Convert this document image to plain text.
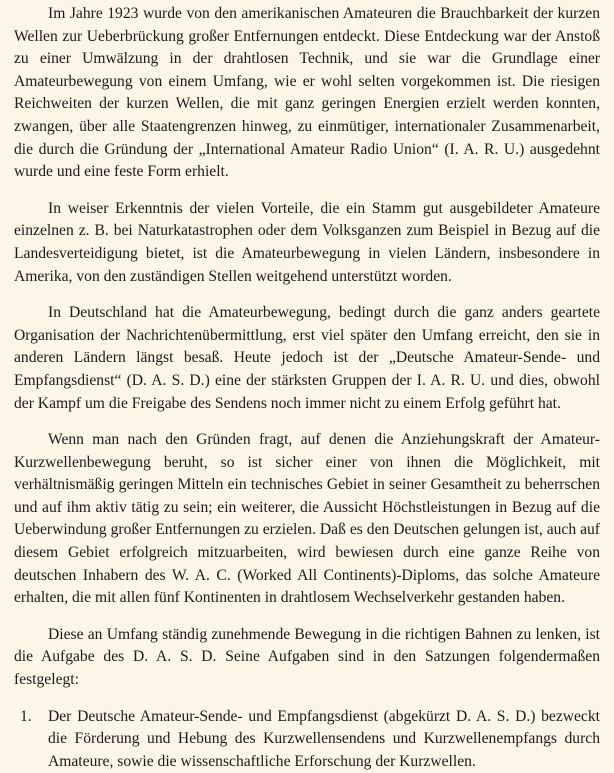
Im Jahre 1923 wurde von den amerikanischen Amateuren die Brauchbarkeit der kurzen Wellen zur Ueberbrückung großer Entfernungen entdeckt. Diese Entdeckung war der Anstoß zu einer Umwälzung in der drahtlosen Technik, und sie war die Grundlage einer Amateurbewegung von einem Umfang, wie er wohl selten vorgekommen ist. Die riesigen Reichweiten der kurzen Wellen, die mit ganz geringen Energien erzielt werden konnten, zwangen, über alle Staatengrenzen hinweg, zu einmütiger, internationaler Zusammenarbeit, die durch die Gründung der „International Amateur Radio Union“ (I. A. R. U.) ausgedehnt wurde und eine feste Form erhielt.

In weiser Erkenntnis der vielen Vorteile, die ein Stamm gut ausgebildeter Amateure einzelnen z. B. bei Naturkatastrophen oder dem Volksganzen zum Beispiel in Bezug auf die Landesverteidigung bietet, ist die Amateurbewegung in vielen Ländern, insbesondere in Amerika, von den zuständigen Stellen weitgehend unterstützt worden.

In Deutschland hat die Amateurbewegung, bedingt durch die ganz anders geartete Organisation der Nachrichtenübermittlung, erst viel später den Umfang erreicht, den sie in anderen Ländern längst besaß. Heute jedoch ist der „Deutsche Amateur-Sende- und Empfangsdienst“ (D. A. S. D.) eine der stärksten Gruppen der I. A. R. U. und dies, obwohl der Kampf um die Freigabe des Sendens noch immer nicht zu einem Erfolg geführt hat.

Wenn man nach den Gründen fragt, auf denen die Anziehungskraft der Amateur-Kurzwellenbewegung beruht, so ist sicher einer von ihnen die Möglichkeit, mit verhältnismäßig geringen Mitteln ein technisches Gebiet in seiner Gesamtheit zu beherrschen und auf ihm aktiv tätig zu sein; ein weiterer, die Aussicht Höchstleistungen in Bezug auf die Ueberwindung großer Entfernungen zu erzielen. Daß es den Deutschen gelungen ist, auch auf diesem Gebiet erfolgreich mitzuarbeiten, wird bewiesen durch eine ganze Reihe von deutschen Inhabern des W. A. C. (Worked All Continents)-Diploms, das solche Amateure erhalten, die mit allen fünf Kontinenten in drahtlosem Wechselverkehr gestanden haben.

Diese an Umfang ständig zunehmende Bewegung in die richtigen Bahnen zu lenken, ist die Aufgabe des D. A. S. D. Seine Aufgaben sind in den Satzungen folgendermaßen festgelegt:

1. Der Deutsche Amateur-Sende- und Empfangsdienst (abgekürzt D. A. S. D.) bezweckt die Förderung und Hebung des Kurzwellensendens und Kurzwellenempfangs durch Amateure, sowie die wissenschaftliche Erforschung der Kurzwellen.
